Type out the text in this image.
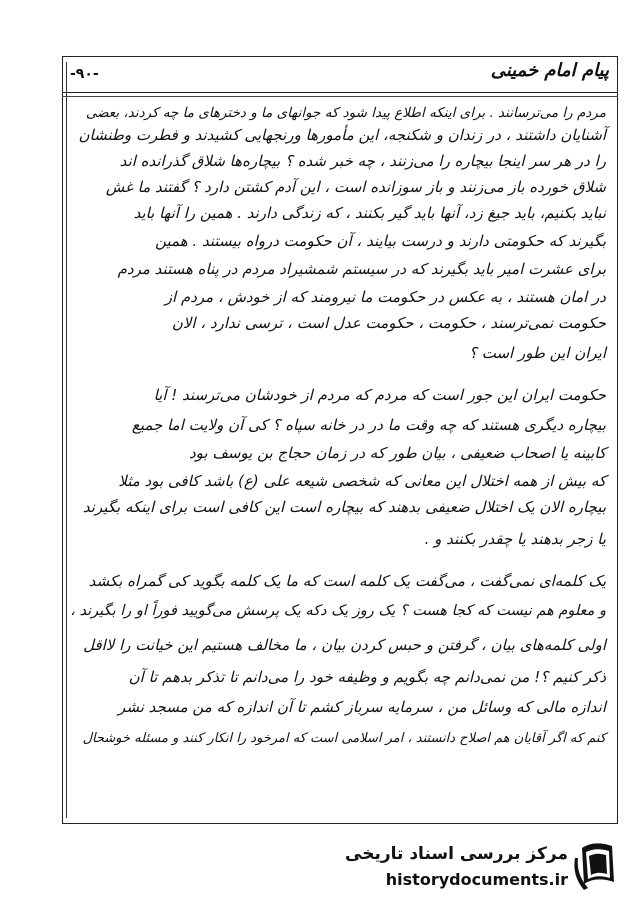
-۹۰-	پیام امام خمینی
مردم را می‌ترسانند . برای اینکه اطلاع پیدا شود که جوانهای ما و دخترهای ما چه کردند، بعضی
آشنایان داشتند ، در زندان و شکنجه، این مأمورها ورنجهایی کشیدند و فطرت وطنشان
را در هر سر اینجا بیچاره را می‌زنند ، چه خبر شده ؟ بیچاره‌ها شلاق گذرانده اند
شلاق خورده باز می‌زنند و باز سوزانده است ، این آدم کشتن دارد ؟ گفتند ما غش
نباید بکنیم، باید جیغ زد، آنها باید گیر بکنند ، که زندگی دارند . همین را آنها باید
بگیرند که حکومتی دارند و درست بیایند ، آن حکومت درواه بیستند . همین
برای عشرت امیر باید بگیرند که در سیستم شمشیراد مردم در پناه هستند مردم
در امان هستند ، به عکس در حکومت ما نیرومند که از خودش ، مردم از
حکومت نمی‌ترسند ، حکومت ، حکومت عدل است ، ترسی ندارد ، الان
ایران این طور است ؟
حکومت ایران این جور است که مردم که مردم از خودشان می‌ترسند ! آیا
بیچاره دیگری هستند که چه وقت ما در در خانه سپاه ؟ کی آن ولایت اما جمیع
کابینه یا اصحاب ضعیفی ، بیان طور که در زمان حجاج بن یوسف بود
که بیش از همه اختلال این معانی که شخصی شیعه علی (ع) باشد کافی بود مثلا
بیچاره الان یک اختلال ضعیفی بدهند که بیچاره است این کافی است برای اینکه بگیرند
یا زجر بدهند یا چقدر بکنند و .
یک کلمه‌ای نمی‌گفت ، می‌گفت یک کلمه است که ما یک کلمه بگوید کی گمراه بکشد
و معلوم هم نیست که کجا هست ؟ یک روز یک دکه یک پرسش می‌گویید فوراً او را بگیرند ،
اولی کلمه‌های بیان ، گرفتن و حبس کردن بیان ، ما مخالف هستیم این خیانت را لااقل
ذکر کنیم ؟! من نمی‌دانم چه بگویم و وظیفه خود را می‌دانم تا تذکر بدهم تا آن
اندازه مالی که وسائل من ، سرمایه سرباز کشم تا آن اندازه که من مسجد نشر
کنم که اگر آقایان هم اصلاح دانستند ، امر اسلامی است که امرخود را انکار کنند و مسئله خوشحال
مرکز بررسی اسناد تاریخی
historydocuments.ir
